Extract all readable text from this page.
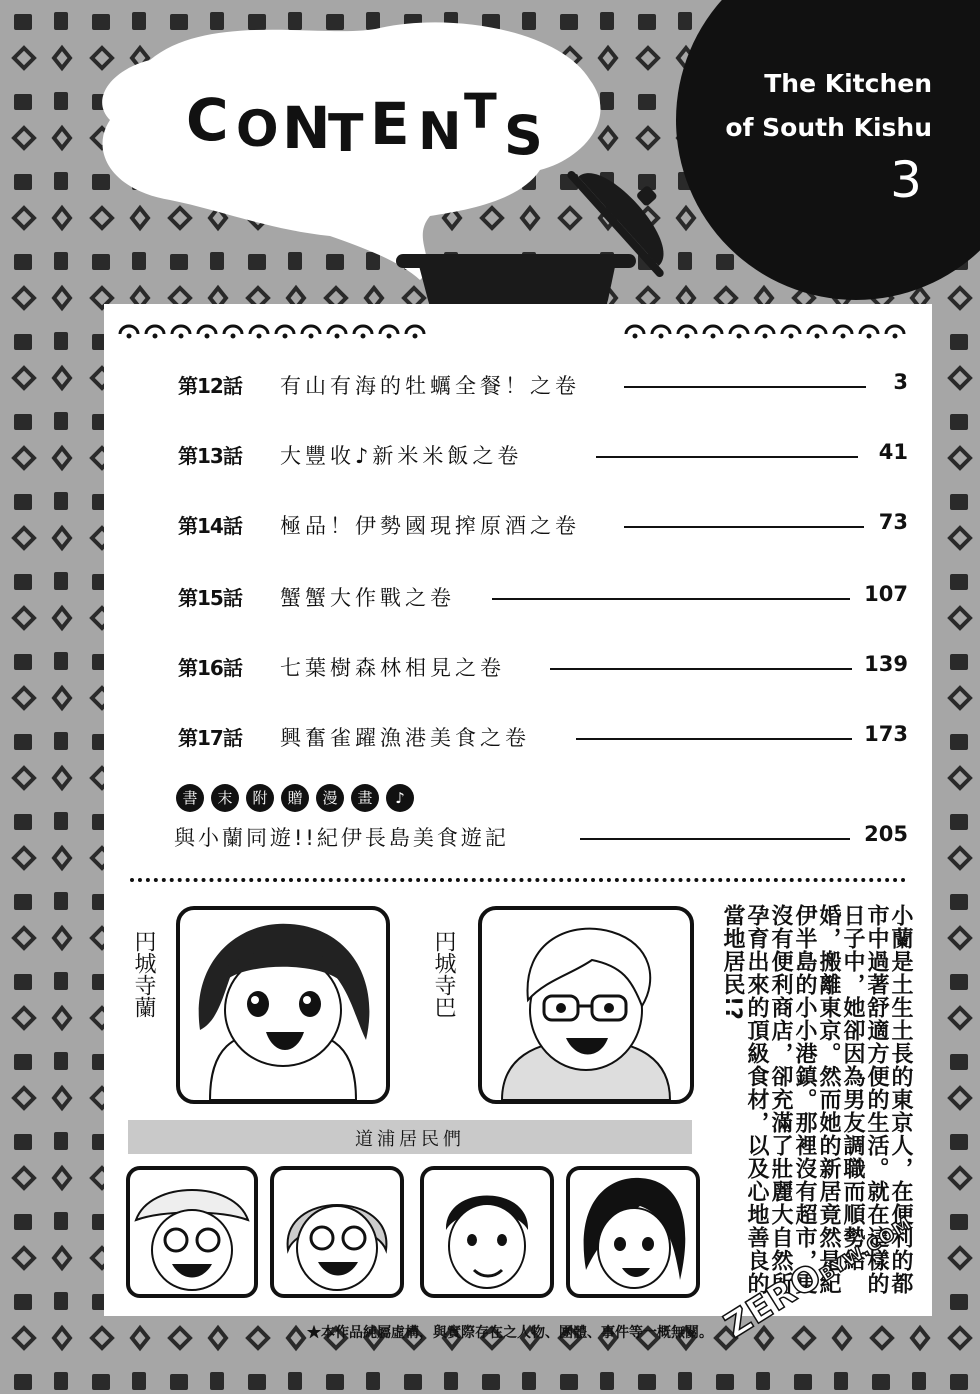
The Kitchen
of South Kishu
3
C O N
T E N T S
第12話 有山有海的牡蠣全餐！之卷	3
第13話 大豐收♪新米米飯之卷	41
第14話 極品！伊勢國現搾原酒之卷	73
第15話 蟹蟹大作戰之卷	107
第16話 七葉樹森林相見之卷	139
第17話 興奮雀躍漁港美食之卷	173
書 末 附 贈 漫 畫 ♪
與小蘭同遊!!紀伊長島美食遊記	205
円城寺蘭	円城寺巴
道浦居民們	小蘭是土生土長的東京人，在便利的都市中過著舒適方便的生活。就在這樣的日子中，她卻因為男友調職而順勢結婚，搬離東京。然而她的新居竟然是紀伊半島的小小港鎮。那裡沒有超市，更沒有便利商店，卻充滿了壯麗大自然所孕育出來的頂級食材，以及心地善良的當地居民!?
★本作品純屬虛構，與實際存在之人物、團體、事件等一概無關。 ZEROBYW.COM
